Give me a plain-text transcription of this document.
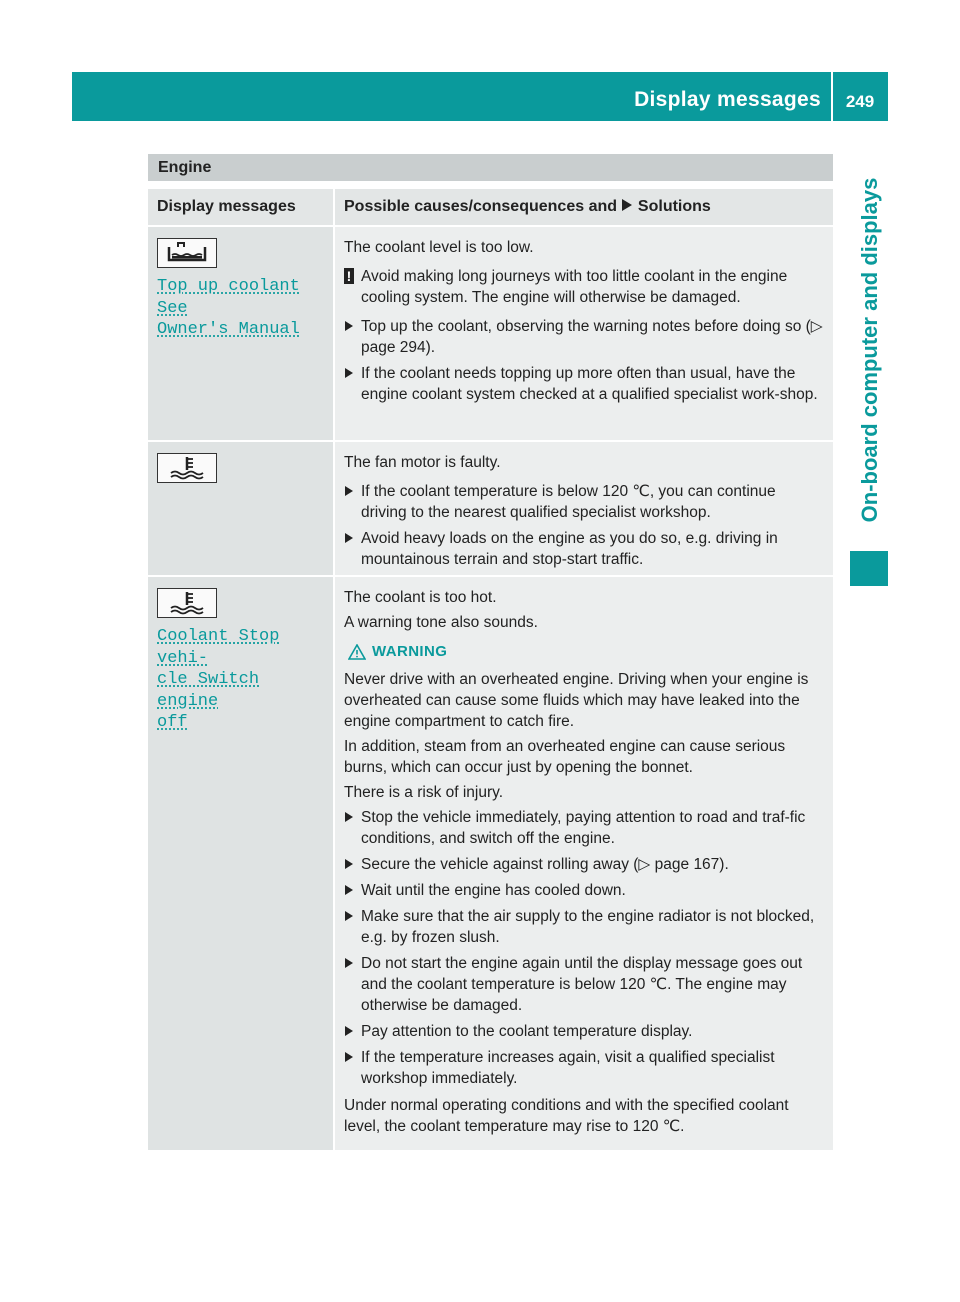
Display messages	249
On-board computer and displays
Engine
Display messages	Possible causes/consequences and Solutions
Top up coolant See
Owner's Manual

The coolant level is too low.

! Avoid making long journeys with too little coolant in the engine cooling system. The engine will otherwise be damaged.
Top up the coolant, observing the warning notes before doing so (▷ page 294).
If the coolant needs topping up more often than usual, have the engine coolant system checked at a qualified specialist work-shop.

The fan motor is faulty.

If the coolant temperature is below 120 ℃, you can continue driving to the nearest qualified specialist workshop.
Avoid heavy loads on the engine as you do so, e.g. driving in mountainous terrain and stop-start traffic.
Coolant Stop vehi‐
cle Switch engine
off

The coolant is too hot.

A warning tone also sounds.

WARNING

Never drive with an overheated engine. Driving when your engine is overheated can cause some fluids which may have leaked into the engine compartment to catch fire.

In addition, steam from an overheated engine can cause serious burns, which can occur just by opening the bonnet.

There is a risk of injury.

Stop the vehicle immediately, paying attention to road and traf-fic conditions, and switch off the engine.
Secure the vehicle against rolling away (▷ page 167).
Wait until the engine has cooled down.
Make sure that the air supply to the engine radiator is not blocked, e.g. by frozen slush.
Do not start the engine again until the display message goes out and the coolant temperature is below 120 ℃. The engine may otherwise be damaged.
Pay attention to the coolant temperature display.
If the temperature increases again, visit a qualified specialist workshop immediately.

Under normal operating conditions and with the specified coolant level, the coolant temperature may rise to 120 ℃.
